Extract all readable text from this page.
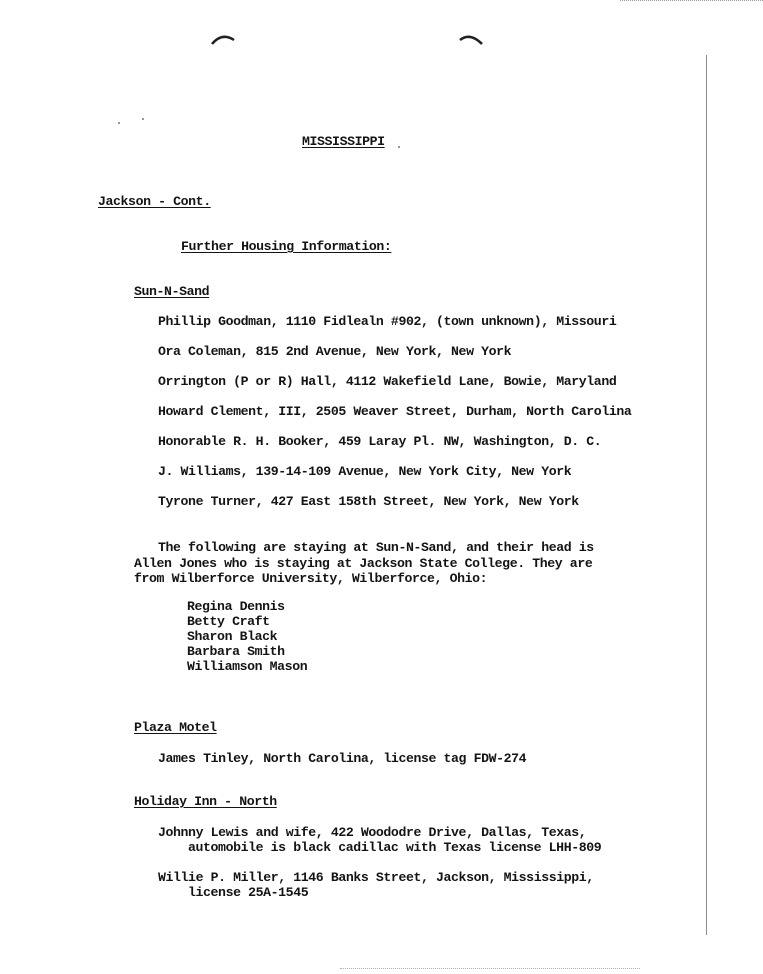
MISSISSIPPI
Jackson - Cont.
Further Housing Information:
Sun-N-Sand
Phillip Goodman, 1110 Fidlealn #902, (town unknown), Missouri
Ora Coleman, 815 2nd Avenue, New York, New York
Orrington (P or R) Hall, 4112 Wakefield Lane, Bowie, Maryland
Howard Clement, III, 2505 Weaver Street, Durham, North Carolina
Honorable R. H. Booker, 459 Laray Pl. NW, Washington, D. C.
J. Williams, 139-14-109 Avenue, New York City, New York
Tyrone Turner, 427 East 158th Street, New York, New York
The following are staying at Sun-N-Sand, and their head is
Allen Jones who is staying at Jackson State College. They are
from Wilberforce University, Wilberforce, Ohio:
Regina Dennis
Betty Craft
Sharon Black
Barbara Smith
Williamson Mason
Plaza Motel
James Tinley, North Carolina, license tag FDW-274
Holiday Inn - North
Johnny Lewis and wife, 422 Woododre Drive, Dallas, Texas,
automobile is black cadillac with Texas license LHH-809
Willie P. Miller, 1146 Banks Street, Jackson, Mississippi,
license 25A-1545
